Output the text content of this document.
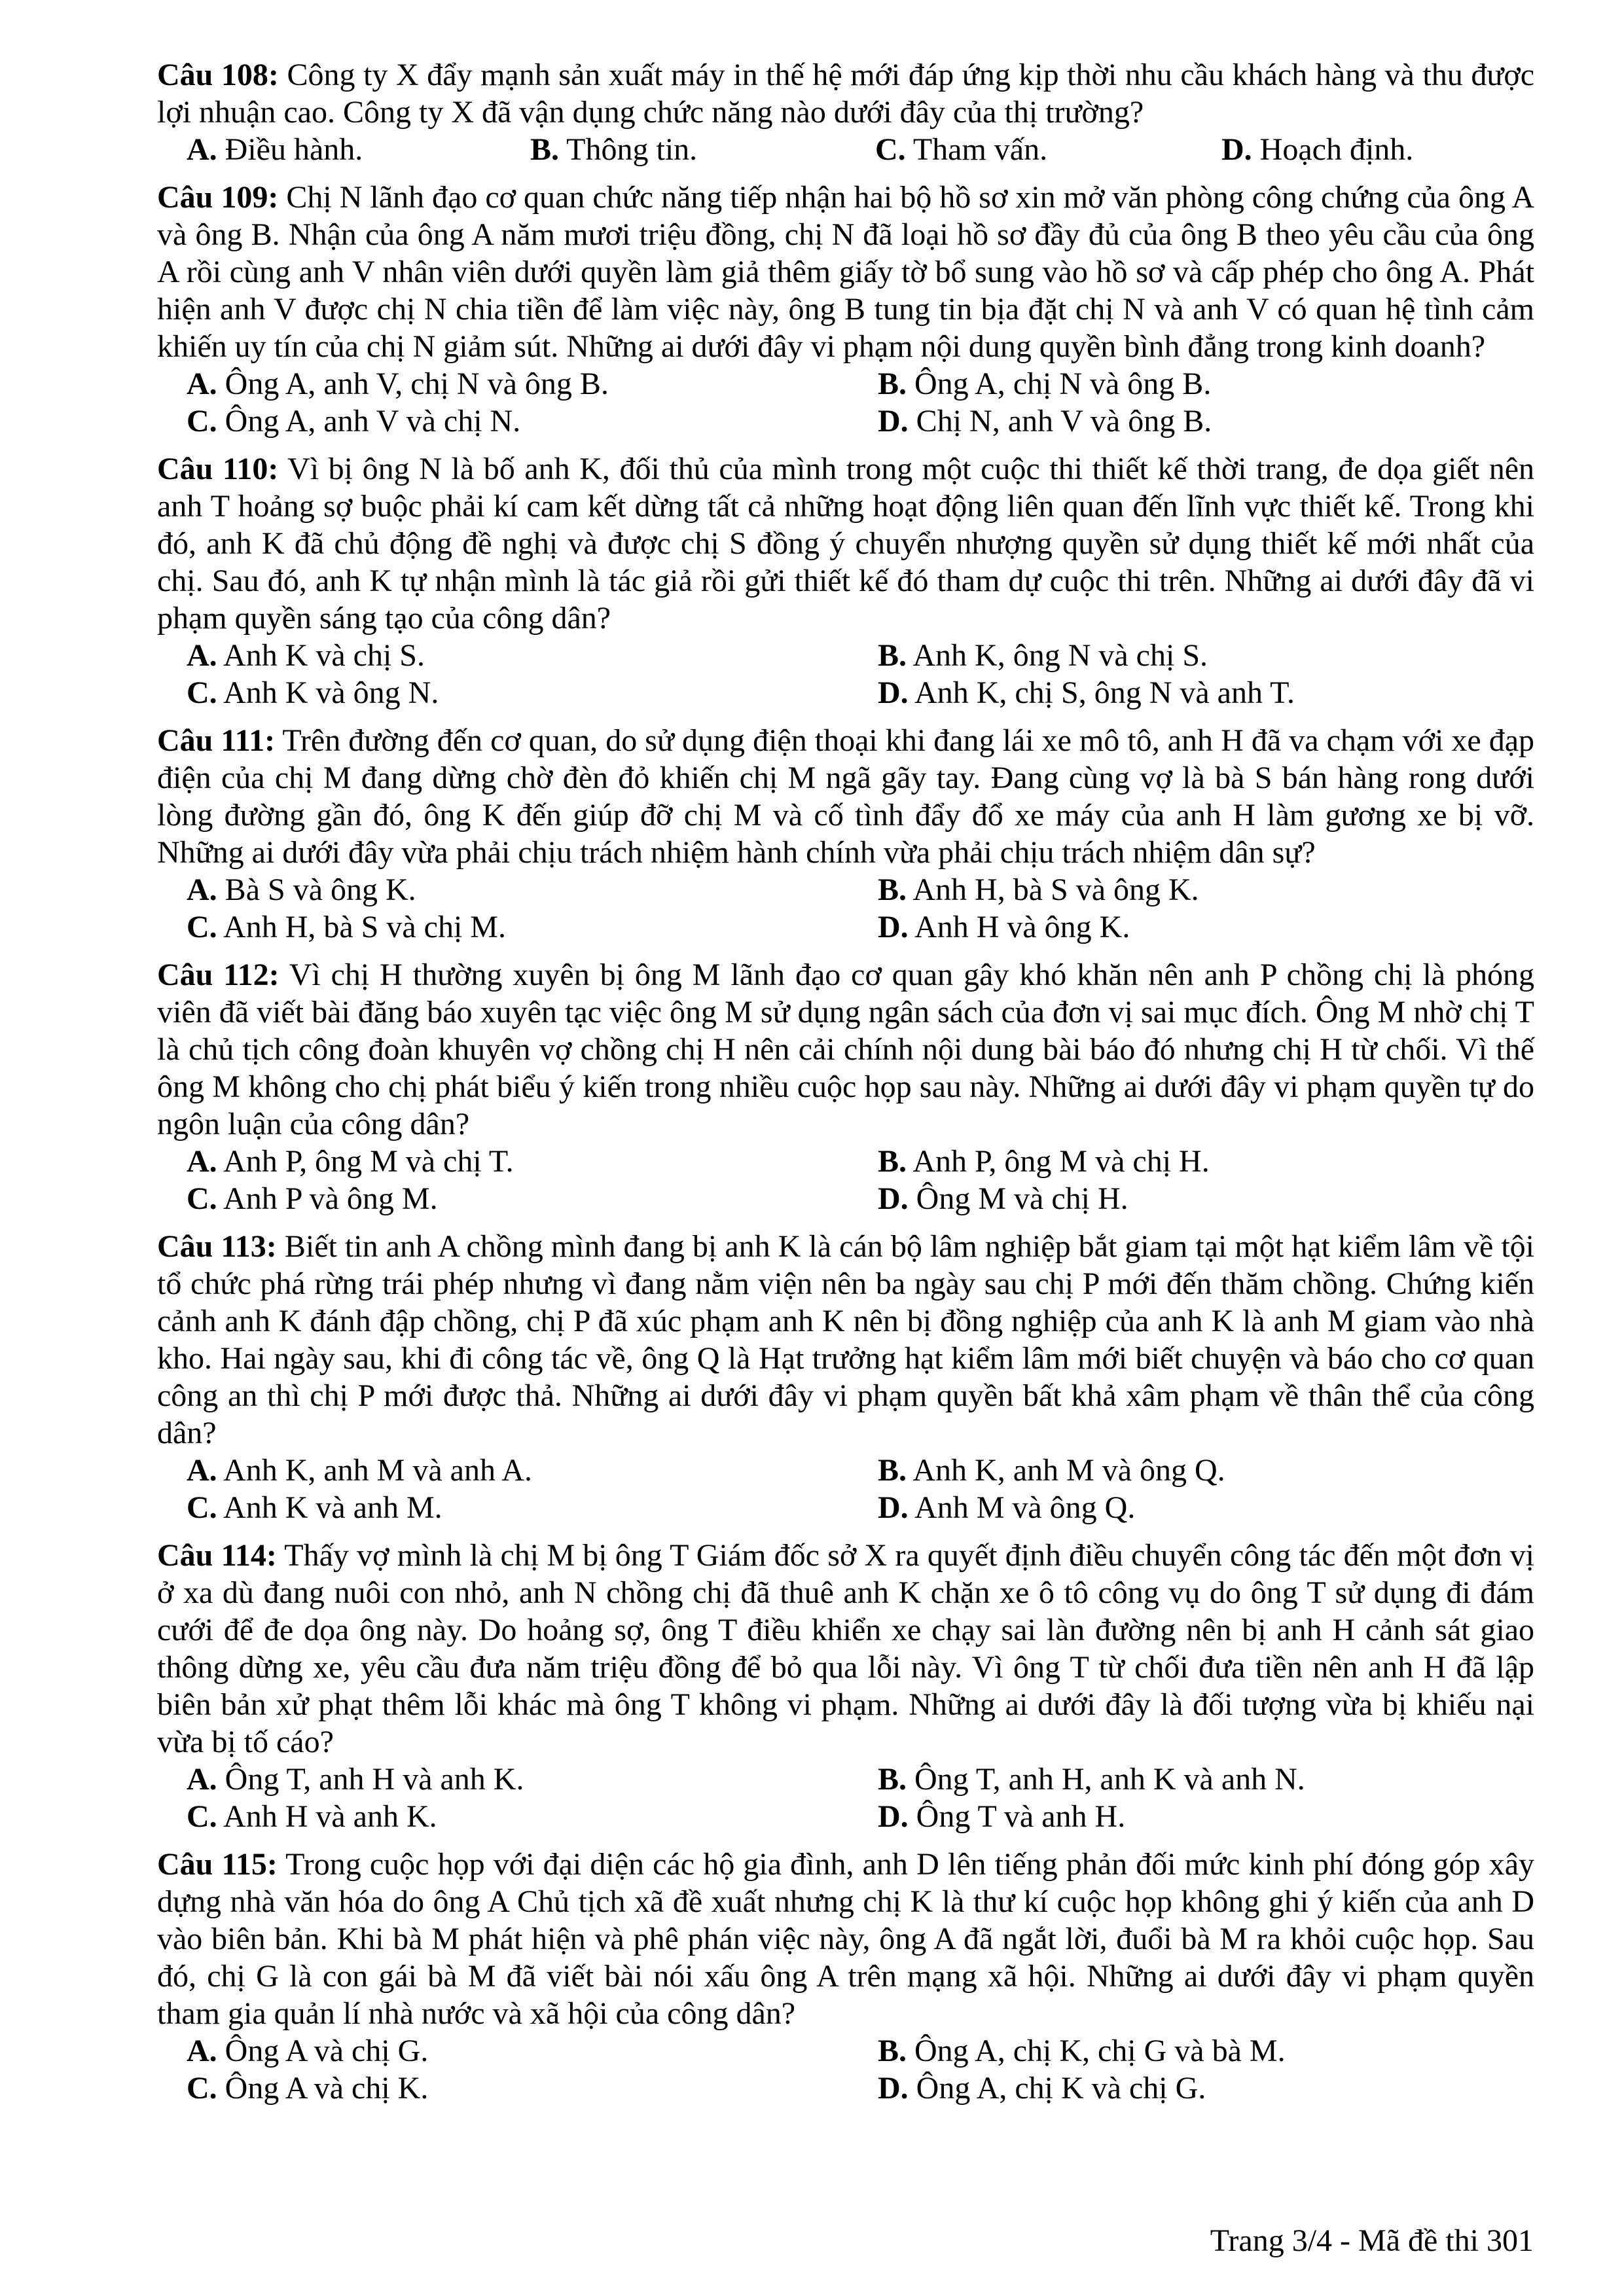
Câu 108: Công ty X đẩy mạnh sản xuất máy in thế hệ mới đáp ứng kịp thời nhu cầu khách hàng và thu được lợi nhuận cao. Công ty X đã vận dụng chức năng nào dưới đây của thị trường?

A. Điều hành.	B. Thông tin.	C. Tham vấn.	D. Hoạch định.

Câu 109: Chị N lãnh đạo cơ quan chức năng tiếp nhận hai bộ hồ sơ xin mở văn phòng công chứng của ông A và ông B. Nhận của ông A năm mươi triệu đồng, chị N đã loại hồ sơ đầy đủ của ông B theo yêu cầu của ông A rồi cùng anh V nhân viên dưới quyền làm giả thêm giấy tờ bổ sung vào hồ sơ và cấp phép cho ông A. Phát hiện anh V được chị N chia tiền để làm việc này, ông B tung tin bịa đặt chị N và anh V có quan hệ tình cảm khiến uy tín của chị N giảm sút. Những ai dưới đây vi phạm nội dung quyền bình đẳng trong kinh doanh?

A. Ông A, anh V, chị N và ông B.	B. Ông A, chị N và ông B.

C. Ông A, anh V và chị N.	D. Chị N, anh V và ông B.

Câu 110: Vì bị ông N là bố anh K, đối thủ của mình trong một cuộc thi thiết kế thời trang, đe dọa giết nên anh T hoảng sợ buộc phải kí cam kết dừng tất cả những hoạt động liên quan đến lĩnh vực thiết kế. Trong khi đó, anh K đã chủ động đề nghị và được chị S đồng ý chuyển nhượng quyền sử dụng thiết kế mới nhất của chị. Sau đó, anh K tự nhận mình là tác giả rồi gửi thiết kế đó tham dự cuộc thi trên. Những ai dưới đây đã vi phạm quyền sáng tạo của công dân?

A. Anh K và chị S.	B. Anh K, ông N và chị S.

C. Anh K và ông N.	D. Anh K, chị S, ông N và anh T.

Câu 111: Trên đường đến cơ quan, do sử dụng điện thoại khi đang lái xe mô tô, anh H đã va chạm với xe đạp điện của chị M đang dừng chờ đèn đỏ khiến chị M ngã gãy tay. Đang cùng vợ là bà S bán hàng rong dưới lòng đường gần đó, ông K đến giúp đỡ chị M và cố tình đẩy đổ xe máy của anh H làm gương xe bị vỡ. Những ai dưới đây vừa phải chịu trách nhiệm hành chính vừa phải chịu trách nhiệm dân sự?

A. Bà S và ông K.	B. Anh H, bà S và ông K.

C. Anh H, bà S và chị M.	D. Anh H và ông K.

Câu 112: Vì chị H thường xuyên bị ông M lãnh đạo cơ quan gây khó khăn nên anh P chồng chị là phóng viên đã viết bài đăng báo xuyên tạc việc ông M sử dụng ngân sách của đơn vị sai mục đích. Ông M nhờ chị T là chủ tịch công đoàn khuyên vợ chồng chị H nên cải chính nội dung bài báo đó nhưng chị H từ chối. Vì thế ông M không cho chị phát biểu ý kiến trong nhiều cuộc họp sau này. Những ai dưới đây vi phạm quyền tự do ngôn luận của công dân?

A. Anh P, ông M và chị T.	B. Anh P, ông M và chị H.

C. Anh P và ông M.	D. Ông M và chị H.

Câu 113: Biết tin anh A chồng mình đang bị anh K là cán bộ lâm nghiệp bắt giam tại một hạt kiểm lâm về tội tổ chức phá rừng trái phép nhưng vì đang nằm viện nên ba ngày sau chị P mới đến thăm chồng. Chứng kiến cảnh anh K đánh đập chồng, chị P đã xúc phạm anh K nên bị đồng nghiệp của anh K là anh M giam vào nhà kho. Hai ngày sau, khi đi công tác về, ông Q là Hạt trưởng hạt kiểm lâm mới biết chuyện và báo cho cơ quan công an thì chị P mới được thả. Những ai dưới đây vi phạm quyền bất khả xâm phạm về thân thể của công dân?

A. Anh K, anh M và anh A.	B. Anh K, anh M và ông Q.

C. Anh K và anh M.	D. Anh M và ông Q.

Câu 114: Thấy vợ mình là chị M bị ông T Giám đốc sở X ra quyết định điều chuyển công tác đến một đơn vị ở xa dù đang nuôi con nhỏ, anh N chồng chị đã thuê anh K chặn xe ô tô công vụ do ông T sử dụng đi đám cưới để đe dọa ông này. Do hoảng sợ, ông T điều khiển xe chạy sai làn đường nên bị anh H cảnh sát giao thông dừng xe, yêu cầu đưa năm triệu đồng để bỏ qua lỗi này. Vì ông T từ chối đưa tiền nên anh H đã lập biên bản xử phạt thêm lỗi khác mà ông T không vi phạm. Những ai dưới đây là đối tượng vừa bị khiếu nại vừa bị tố cáo?

A. Ông T, anh H và anh K.	B. Ông T, anh H, anh K và anh N.

C. Anh H và anh K.	D. Ông T và anh H.

Câu 115: Trong cuộc họp với đại diện các hộ gia đình, anh D lên tiếng phản đối mức kinh phí đóng góp xây dựng nhà văn hóa do ông A Chủ tịch xã đề xuất nhưng chị K là thư kí cuộc họp không ghi ý kiến của anh D vào biên bản. Khi bà M phát hiện và phê phán việc này, ông A đã ngắt lời, đuổi bà M ra khỏi cuộc họp. Sau đó, chị G là con gái bà M đã viết bài nói xấu ông A trên mạng xã hội. Những ai dưới đây vi phạm quyền tham gia quản lí nhà nước và xã hội của công dân?

A. Ông A và chị G.	B. Ông A, chị K, chị G và bà M.

C. Ông A và chị K.	D. Ông A, chị K và chị G.

Trang 3/4 - Mã đề thi 301
